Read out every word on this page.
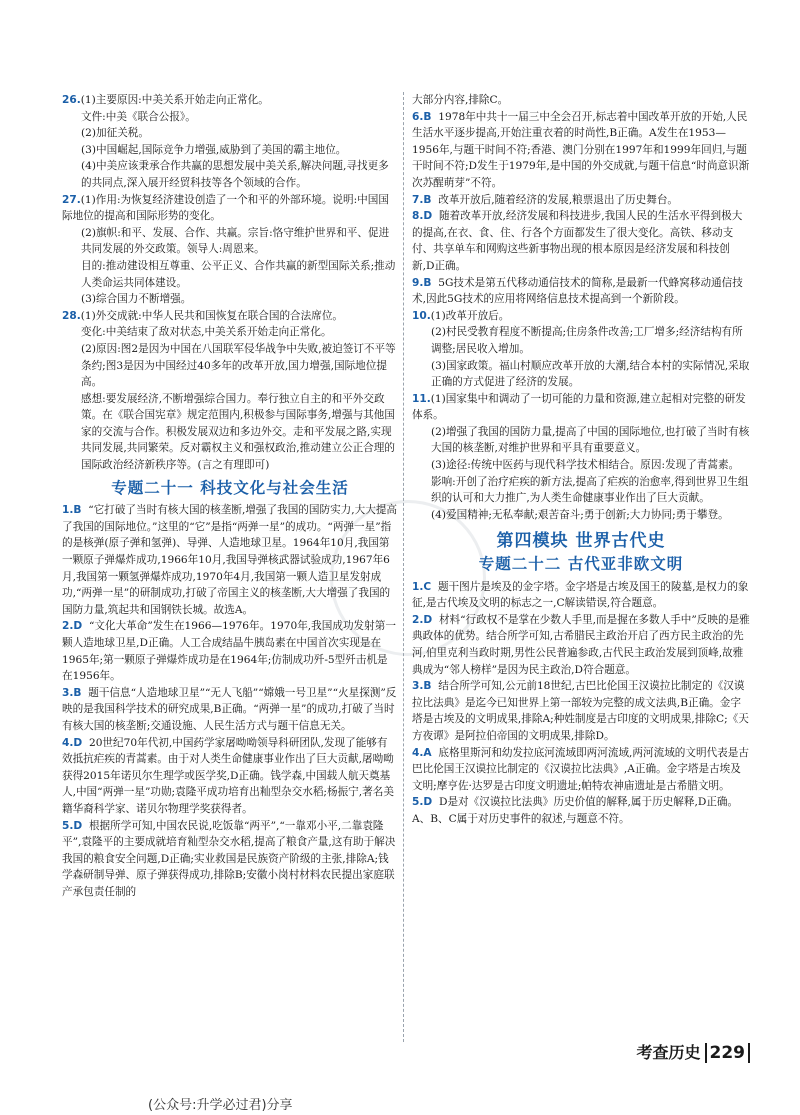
26.(1)主要原因:中美关系开始走向正常化。
文件:中美《联合公报》。
(2)加征关税。
(3)中国崛起,国际竞争力增强,威胁到了美国的霸主地位。
(4)中美应该秉承合作共赢的思想发展中美关系,解决问题,寻找更多的共同点,深入展开经贸科技等各个领域的合作。
27.(1)作用:为恢复经济建设创造了一个和平的外部环境。说明:中国国际地位的提高和国际形势的变化。
(2)旗帜:和平、发展、合作、共赢。宗旨:恪守维护世界和平、促进共同发展的外交政策。领导人:周恩来。
目的:推动建设相互尊重、公平正义、合作共赢的新型国际关系;推动人类命运共同体建设。
(3)综合国力不断增强。
28.(1)外交成就:中华人民共和国恢复在联合国的合法席位。
变化:中美结束了敌对状态,中美关系开始走向正常化。
(2)原因:图2是因为中国在八国联军侵华战争中失败,被迫签订不平等条约;图3是因为中国经过40多年的改革开放,国力增强,国际地位提高。
感想:要发展经济,不断增强综合国力。奉行独立自主的和平外交政策。在《联合国宪章》规定范围内,积极参与国际事务,增强与其他国家的交流与合作。积极发展双边和多边外交。走和平发展之路,实现共同发展,共同繁荣。反对霸权主义和强权政治,推动建立公正合理的国际政治经济新秩序等。(言之有理即可)
专题二十一 科技文化与社会生活
1.B “它打破了当时有核大国的核垄断,增强了我国的国防实力,大大提高了我国的国际地位。”这里的“它”是指“两弹一星”的成功。“两弹一星”指的是核弹(原子弹和氢弹)、导弹、人造地球卫星。1964年10月,我国第一颗原子弹爆炸成功,1966年10月,我国导弹核武器试验成功,1967年6月,我国第一颗氢弹爆炸成功,1970年4月,我国第一颗人造卫星发射成功,“两弹一星”的研制成功,打破了帝国主义的核垄断,大大增强了我国的国防力量,筑起共和国钢铁长城。故选A。
2.D “文化大革命”发生在1966—1976年。1970年,我国成功发射第一颗人造地球卫星,D正确。人工合成结晶牛胰岛素在中国首次实现是在1965年;第一颗原子弹爆炸成功是在1964年;仿制成功歼-5型歼击机是在1956年。
3.B 题干信息“人造地球卫星”“无人飞船”“嫦娥一号卫星”“火星探测”反映的是我国科学技术的研究成果,B正确。“两弹一星”的成功,打破了当时有核大国的核垄断;交通设施、人民生活方式与题干信息无关。
4.D 20世纪70年代初,中国药学家屠呦呦领导科研团队,发现了能够有效抵抗疟疾的青蒿素。由于对人类生命健康事业作出了巨大贡献,屠呦呦获得2015年诺贝尔生理学或医学奖,D正确。钱学森,中国载人航天奠基人,中国“两弹一星”功勋;袁隆平成功培育出籼型杂交水稻;杨振宁,著名美籍华裔科学家、诺贝尔物理学奖获得者。
5.D 根据所学可知,中国农民说,吃饭靠“两平”,“一靠邓小平,二靠袁隆平”,袁隆平的主要成就培育籼型杂交水稻,提高了粮食产量,这有助于解决我国的粮食安全问题,D正确;实业救国是民族资产阶级的主张,排除A;钱学森研制导弹、原子弹获得成功,排除B;安徽小岗村材料农民提出家庭联产承包责任制的
大部分内容,排除C。
6.B 1978年中共十一届三中全会召开,标志着中国改革开放的开始,人民生活水平逐步提高,开始注重衣着的时尚性,B正确。A发生在1953—1956年,与题干时间不符;香港、澳门分别在1997年和1999年回归,与题干时间不符;D发生于1979年,是中国的外交成就,与题干信息“时尚意识渐次苏醒萌芽”不符。
7.B 改革开放后,随着经济的发展,粮票退出了历史舞台。
8.D 随着改革开放,经济发展和科技进步,我国人民的生活水平得到极大的提高,在衣、食、住、行各个方面都发生了很大变化。高铁、移动支付、共享单车和网购这些新事物出现的根本原因是经济发展和科技创新,D正确。
9.B 5G技术是第五代移动通信技术的简称,是最新一代蜂窝移动通信技术,因此5G技术的应用将网络信息技术提高到一个新阶段。
10.(1)改革开放后。
(2)村民受教育程度不断提高;住房条件改善;工厂增多;经济结构有所调整;居民收入增加。
(3)国家政策。福山村顺应改革开放的大潮,结合本村的实际情况,采取正确的方式促进了经济的发展。
11.(1)国家集中和调动了一切可能的力量和资源,建立起相对完整的研发体系。
(2)增强了我国的国防力量,提高了中国的国际地位,也打破了当时有核大国的核垄断,对维护世界和平具有重要意义。
(3)途径:传统中医药与现代科学技术相结合。原因:发现了青蒿素。
影响:开创了治疗疟疾的新方法,提高了疟疾的治愈率,得到世界卫生组织的认可和大力推广,为人类生命健康事业作出了巨大贡献。
(4)爱国精神;无私奉献;艰苦奋斗;勇于创新;大力协同;勇于攀登。
第四模块 世界古代史
专题二十二 古代亚非欧文明
1.C 题干图片是埃及的金字塔。金字塔是古埃及国王的陵墓,是权力的象征,是古代埃及文明的标志之一,C解读错误,符合题意。
2.D 材料“行政权不是掌在少数人手里,而是握在多数人手中”反映的是雅典政体的优势。结合所学可知,古希腊民主政治开启了西方民主政治的先河,伯里克利当政时期,男性公民普遍参政,古代民主政治发展到顶峰,故雅典成为“邻人榜样”是因为民主政治,D符合题意。
3.B 结合所学可知,公元前18世纪,古巴比伦国王汉谟拉比制定的《汉谟拉比法典》是迄今已知世界上第一部较为完整的成文法典,B正确。金字塔是古埃及的文明成果,排除A;种姓制度是古印度的文明成果,排除C;《天方夜谭》是阿拉伯帝国的文明成果,排除D。
4.A 底格里斯河和幼发拉底河流域即两河流域,两河流域的文明代表是古巴比伦国王汉谟拉比制定的《汉谟拉比法典》,A正确。金字塔是古埃及文明;摩亨佐·达罗是古印度文明遗址;帕特农神庙遗址是古希腊文明。
5.D D是对《汉谟拉比法典》历史价值的解释,属于历史解释,D正确。A、B、C属于对历史事件的叙述,与题意不符。
考查历史 229
(公众号:升学必过君)分享
